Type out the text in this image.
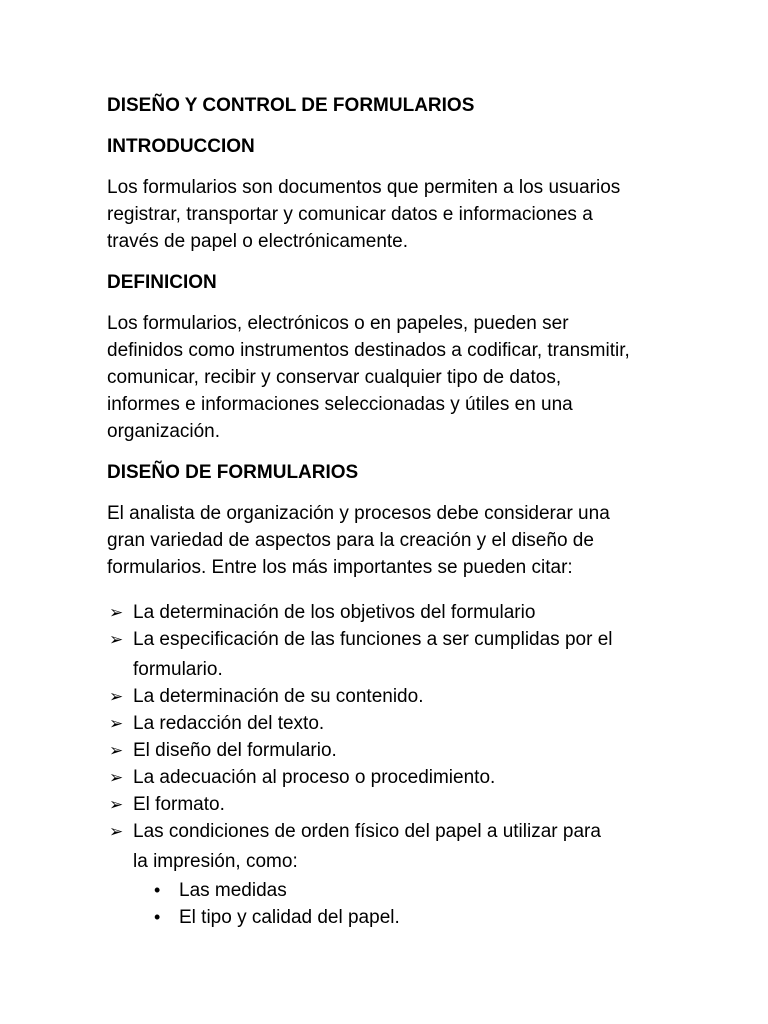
DISEÑO Y CONTROL DE FORMULARIOS
INTRODUCCION
Los formularios son documentos que permiten a los usuarios
registrar, transportar y comunicar datos e informaciones a
través de papel o electrónicamente.
DEFINICION
Los formularios, electrónicos o en papeles, pueden ser
definidos como instrumentos destinados a codificar, transmitir,
comunicar, recibir y conservar cualquier tipo de datos,
informes e informaciones seleccionadas y útiles en una
organización.
DISEÑO DE FORMULARIOS
El analista de organización y procesos debe considerar una
gran variedad de aspectos para la creación y el diseño de
formularios. Entre los más importantes se pueden citar:
➢ La determinación de los objetivos del formulario
➢ La especificación de las funciones a ser cumplidas por el
formulario.
➢ La determinación de su contenido.
➢ La redacción del texto.
➢ El diseño del formulario.
➢ La adecuación al proceso o procedimiento.
➢ El formato.
➢ Las condiciones de orden físico del papel a utilizar para
la impresión, como:
• Las medidas
• El tipo y calidad del papel.
